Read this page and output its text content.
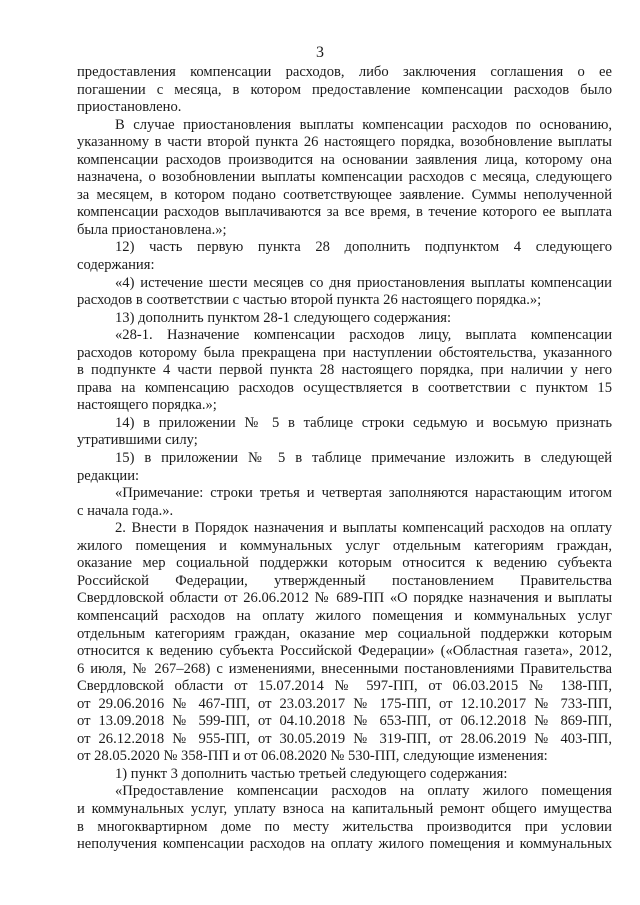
3
предоставления компенсации расходов, либо заключения соглашения о ее
погашении с месяца, в котором предоставление компенсации расходов было
приостановлено.
В случае приостановления выплаты компенсации расходов по основанию,
указанному в части второй пункта 26 настоящего порядка, возобновление выплаты
компенсации расходов производится на основании заявления лица, которому она
назначена, о возобновлении выплаты компенсации расходов с месяца, следующего
за месяцем, в котором подано соответствующее заявление. Суммы неполученной
компенсации расходов выплачиваются за все время, в течение которого ее выплата
была приостановлена.»;
12) часть первую пункта 28 дополнить подпунктом 4 следующего
содержания:
«4) истечение шести месяцев со дня приостановления выплаты компенсации
расходов в соответствии с частью второй пункта 26 настоящего порядка.»;
13) дополнить пунктом 28-1 следующего содержания:
«28-1. Назначение компенсации расходов лицу, выплата компенсации
расходов которому была прекращена при наступлении обстоятельства, указанного
в подпункте 4 части первой пункта 28 настоящего порядка, при наличии у него
права на компенсацию расходов осуществляется в соответствии с пунктом 15
настоящего порядка.»;
14) в приложении № 5 в таблице строки седьмую и восьмую признать
утратившими силу;
15) в приложении № 5 в таблице примечание изложить в следующей
редакции:
«Примечание: строки третья и четвертая заполняются нарастающим итогом
с начала года.».
2. Внести в Порядок назначения и выплаты компенсаций расходов на оплату
жилого помещения и коммунальных услуг отдельным категориям граждан,
оказание мер социальной поддержки которым относится к ведению субъекта
Российской Федерации, утвержденный постановлением Правительства
Свердловской области от 26.06.2012 № 689-ПП «О порядке назначения и выплаты
компенсаций расходов на оплату жилого помещения и коммунальных услуг
отдельным категориям граждан, оказание мер социальной поддержки которым
относится к ведению субъекта Российской Федерации» («Областная газета», 2012,
6 июля, № 267–268) с изменениями, внесенными постановлениями Правительства
Свердловской области от 15.07.2014 № 597-ПП, от 06.03.2015 № 138-ПП,
от 29.06.2016 № 467-ПП, от 23.03.2017 № 175-ПП, от 12.10.2017 № 733-ПП,
от 13.09.2018 № 599-ПП, от 04.10.2018 № 653-ПП, от 06.12.2018 № 869-ПП,
от 26.12.2018 № 955-ПП, от 30.05.2019 № 319-ПП, от 28.06.2019 № 403-ПП,
от 28.05.2020 № 358-ПП и от 06.08.2020 № 530-ПП, следующие изменения:
1) пункт 3 дополнить частью третьей следующего содержания:
«Предоставление компенсации расходов на оплату жилого помещения
и коммунальных услуг, уплату взноса на капитальный ремонт общего имущества
в многоквартирном доме по месту жительства производится при условии
неполучения компенсации расходов на оплату жилого помещения и коммунальных
